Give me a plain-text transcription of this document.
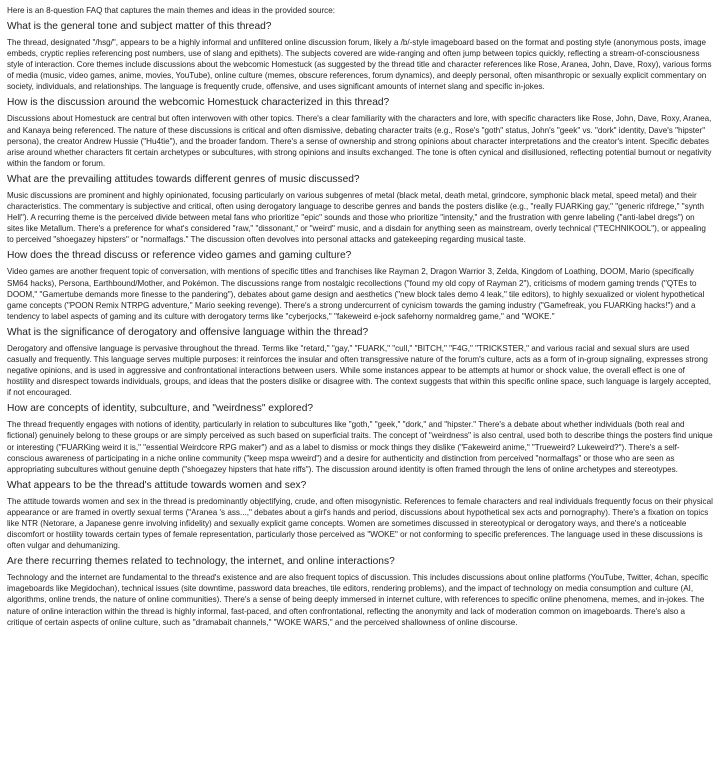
Here is an 8-question FAQ that captures the main themes and ideas in the provided source:

What is the general tone and subject matter of this thread?

The thread, designated "/hsg/", appears to be a highly informal and unfiltered online discussion forum, likely a /b/-style imageboard based on the format and posting style (anonymous posts, image embeds, cryptic replies referencing post numbers, use of slang and epithets). The subjects covered are wide-ranging and often jump between topics quickly, reflecting a stream-of-consciousness style of interaction. Core themes include discussions about the webcomic Homestuck (as suggested by the thread title and character references like Rose, Aranea, John, Dave, Roxy), various forms of media (music, video games, anime, movies, YouTube), online culture (memes, obscure references, forum dynamics), and deeply personal, often misanthropic or sexually explicit commentary on society, individuals, and relationships. The language is frequently crude, offensive, and uses significant amounts of internet slang and specific in-jokes.

How is the discussion around the webcomic Homestuck characterized in this thread?

Discussions about Homestuck are central but often interwoven with other topics. There's a clear familiarity with the characters and lore, with specific characters like Rose, John, Dave, Roxy, Aranea, and Kanaya being referenced. The nature of these discussions is critical and often dismissive, debating character traits (e.g., Rose's "goth" status, John's "geek" vs. "dork" identity, Dave's "hipster" persona), the creator Andrew Hussie ("Hu4tie"), and the broader fandom. There's a sense of ownership and strong opinions about character interpretations and the creator's intent. Specific debates arise around whether characters fit certain archetypes or subcultures, with strong opinions and insults exchanged. The tone is often cynical and disillusioned, reflecting potential burnout or negativity within the fandom or forum.

What are the prevailing attitudes towards different genres of music discussed?

Music discussions are prominent and highly opinionated, focusing particularly on various subgenres of metal (black metal, death metal, grindcore, symphonic black metal, speed metal) and their characteristics. The commentary is subjective and critical, often using derogatory language to describe genres and bands the posters dislike (e.g., "really FUARKing gay," "generic rifdrege," "synth Hell"). A recurring theme is the perceived divide between metal fans who prioritize "epic" sounds and those who prioritize "intensity," and the frustration with genre labeling ("anti-label dregs") on sites like Metallum. There's a preference for what's considered "raw," "dissonant," or "weird" music, and a disdain for anything seen as mainstream, overly technical ("TECHNIKOOL"), or appealing to perceived "shoegazey hipsters" or "normalfags." The discussion often devolves into personal attacks and gatekeeping regarding musical taste.

How does the thread discuss or reference video games and gaming culture?

Video games are another frequent topic of conversation, with mentions of specific titles and franchises like Rayman 2, Dragon Warrior 3, Zelda, Kingdom of Loathing, DOOM, Mario (specifically SM64 hacks), Persona, Earthbound/Mother, and Pokémon. The discussions range from nostalgic recollections ("found my old copy of Rayman 2"), criticisms of modern gaming trends ("QTEs to DOOM," "Gamertube demands more finesse to the pandering"), debates about game design and aesthetics ("new block tales demo 4 leak," tile editors), to highly sexualized or violent hypothetical game concepts ("POON Remix NTRPG adventure," Mario seeking revenge). There's a strong undercurrent of cynicism towards the gaming industry ("Gamefreak, you FUARKing hacks!") and a tendency to label aspects of gaming and its culture with derogatory terms like "cyberjocks," "fakeweird e-jock safehorny normaldreg game," and "WOKE."

What is the significance of derogatory and offensive language within the thread?

Derogatory and offensive language is pervasive throughout the thread. Terms like "retard," "gay," "FUARK," "cull," "BITCH," "F4G," "TRICKSTER," and various racial and sexual slurs are used casually and frequently. This language serves multiple purposes: it reinforces the insular and often transgressive nature of the forum's culture, acts as a form of in-group signaling, expresses strong negative opinions, and is used in aggressive and confrontational interactions between users. While some instances appear to be attempts at humor or shock value, the overall effect is one of hostility and disrespect towards individuals, groups, and ideas that the posters dislike or disagree with. The context suggests that within this specific online space, such language is largely accepted, if not encouraged.

How are concepts of identity, subculture, and "weirdness" explored?

The thread frequently engages with notions of identity, particularly in relation to subcultures like "goth," "geek," "dork," and "hipster." There's a debate about whether individuals (both real and fictional) genuinely belong to these groups or are simply perceived as such based on superficial traits. The concept of "weirdness" is also central, used both to describe things the posters find unique or interesting ("FUARKing weird it is," "essential Weirdcore RPG maker") and as a label to dismiss or mock things they dislike ("Fakeweird anime," "Trueweird? Lukeweird?"). There's a self-conscious awareness of participating in a niche online community ("keep mspa wweird") and a desire for authenticity and distinction from perceived "normalfags" or those who are seen as appropriating subcultures without genuine depth ("shoegazey hipsters that hate riffs"). The discussion around identity is often framed through the lens of online archetypes and stereotypes.

What appears to be the thread's attitude towards women and sex?

The attitude towards women and sex in the thread is predominantly objectifying, crude, and often misogynistic. References to female characters and real individuals frequently focus on their physical appearance or are framed in overtly sexual terms ("Aranea 's ass...," debates about a girl's hands and period, discussions about hypothetical sex acts and pornography). There's a fixation on topics like NTR (Netorare, a Japanese genre involving infidelity) and sexually explicit game concepts. Women are sometimes discussed in stereotypical or derogatory ways, and there's a noticeable discomfort or hostility towards certain types of female representation, particularly those perceived as "WOKE" or not conforming to specific preferences. The language used in these discussions is often vulgar and dehumanizing.

Are there recurring themes related to technology, the internet, and online interactions?

Technology and the internet are fundamental to the thread's existence and are also frequent topics of discussion. This includes discussions about online platforms (YouTube, Twitter, 4chan, specific imageboards like Megidochan), technical issues (site downtime, password data breaches, tile editors, rendering problems), and the impact of technology on media consumption and culture (AI, algorithms, online trends, the nature of online communities). There's a sense of being deeply immersed in internet culture, with references to specific online phenomena, memes, and in-jokes. The nature of online interaction within the thread is highly informal, fast-paced, and often confrontational, reflecting the anonymity and lack of moderation common on imageboards. There's also a critique of certain aspects of online culture, such as "dramabait channels," "WOKE WARS," and the perceived shallowness of online discourse.
